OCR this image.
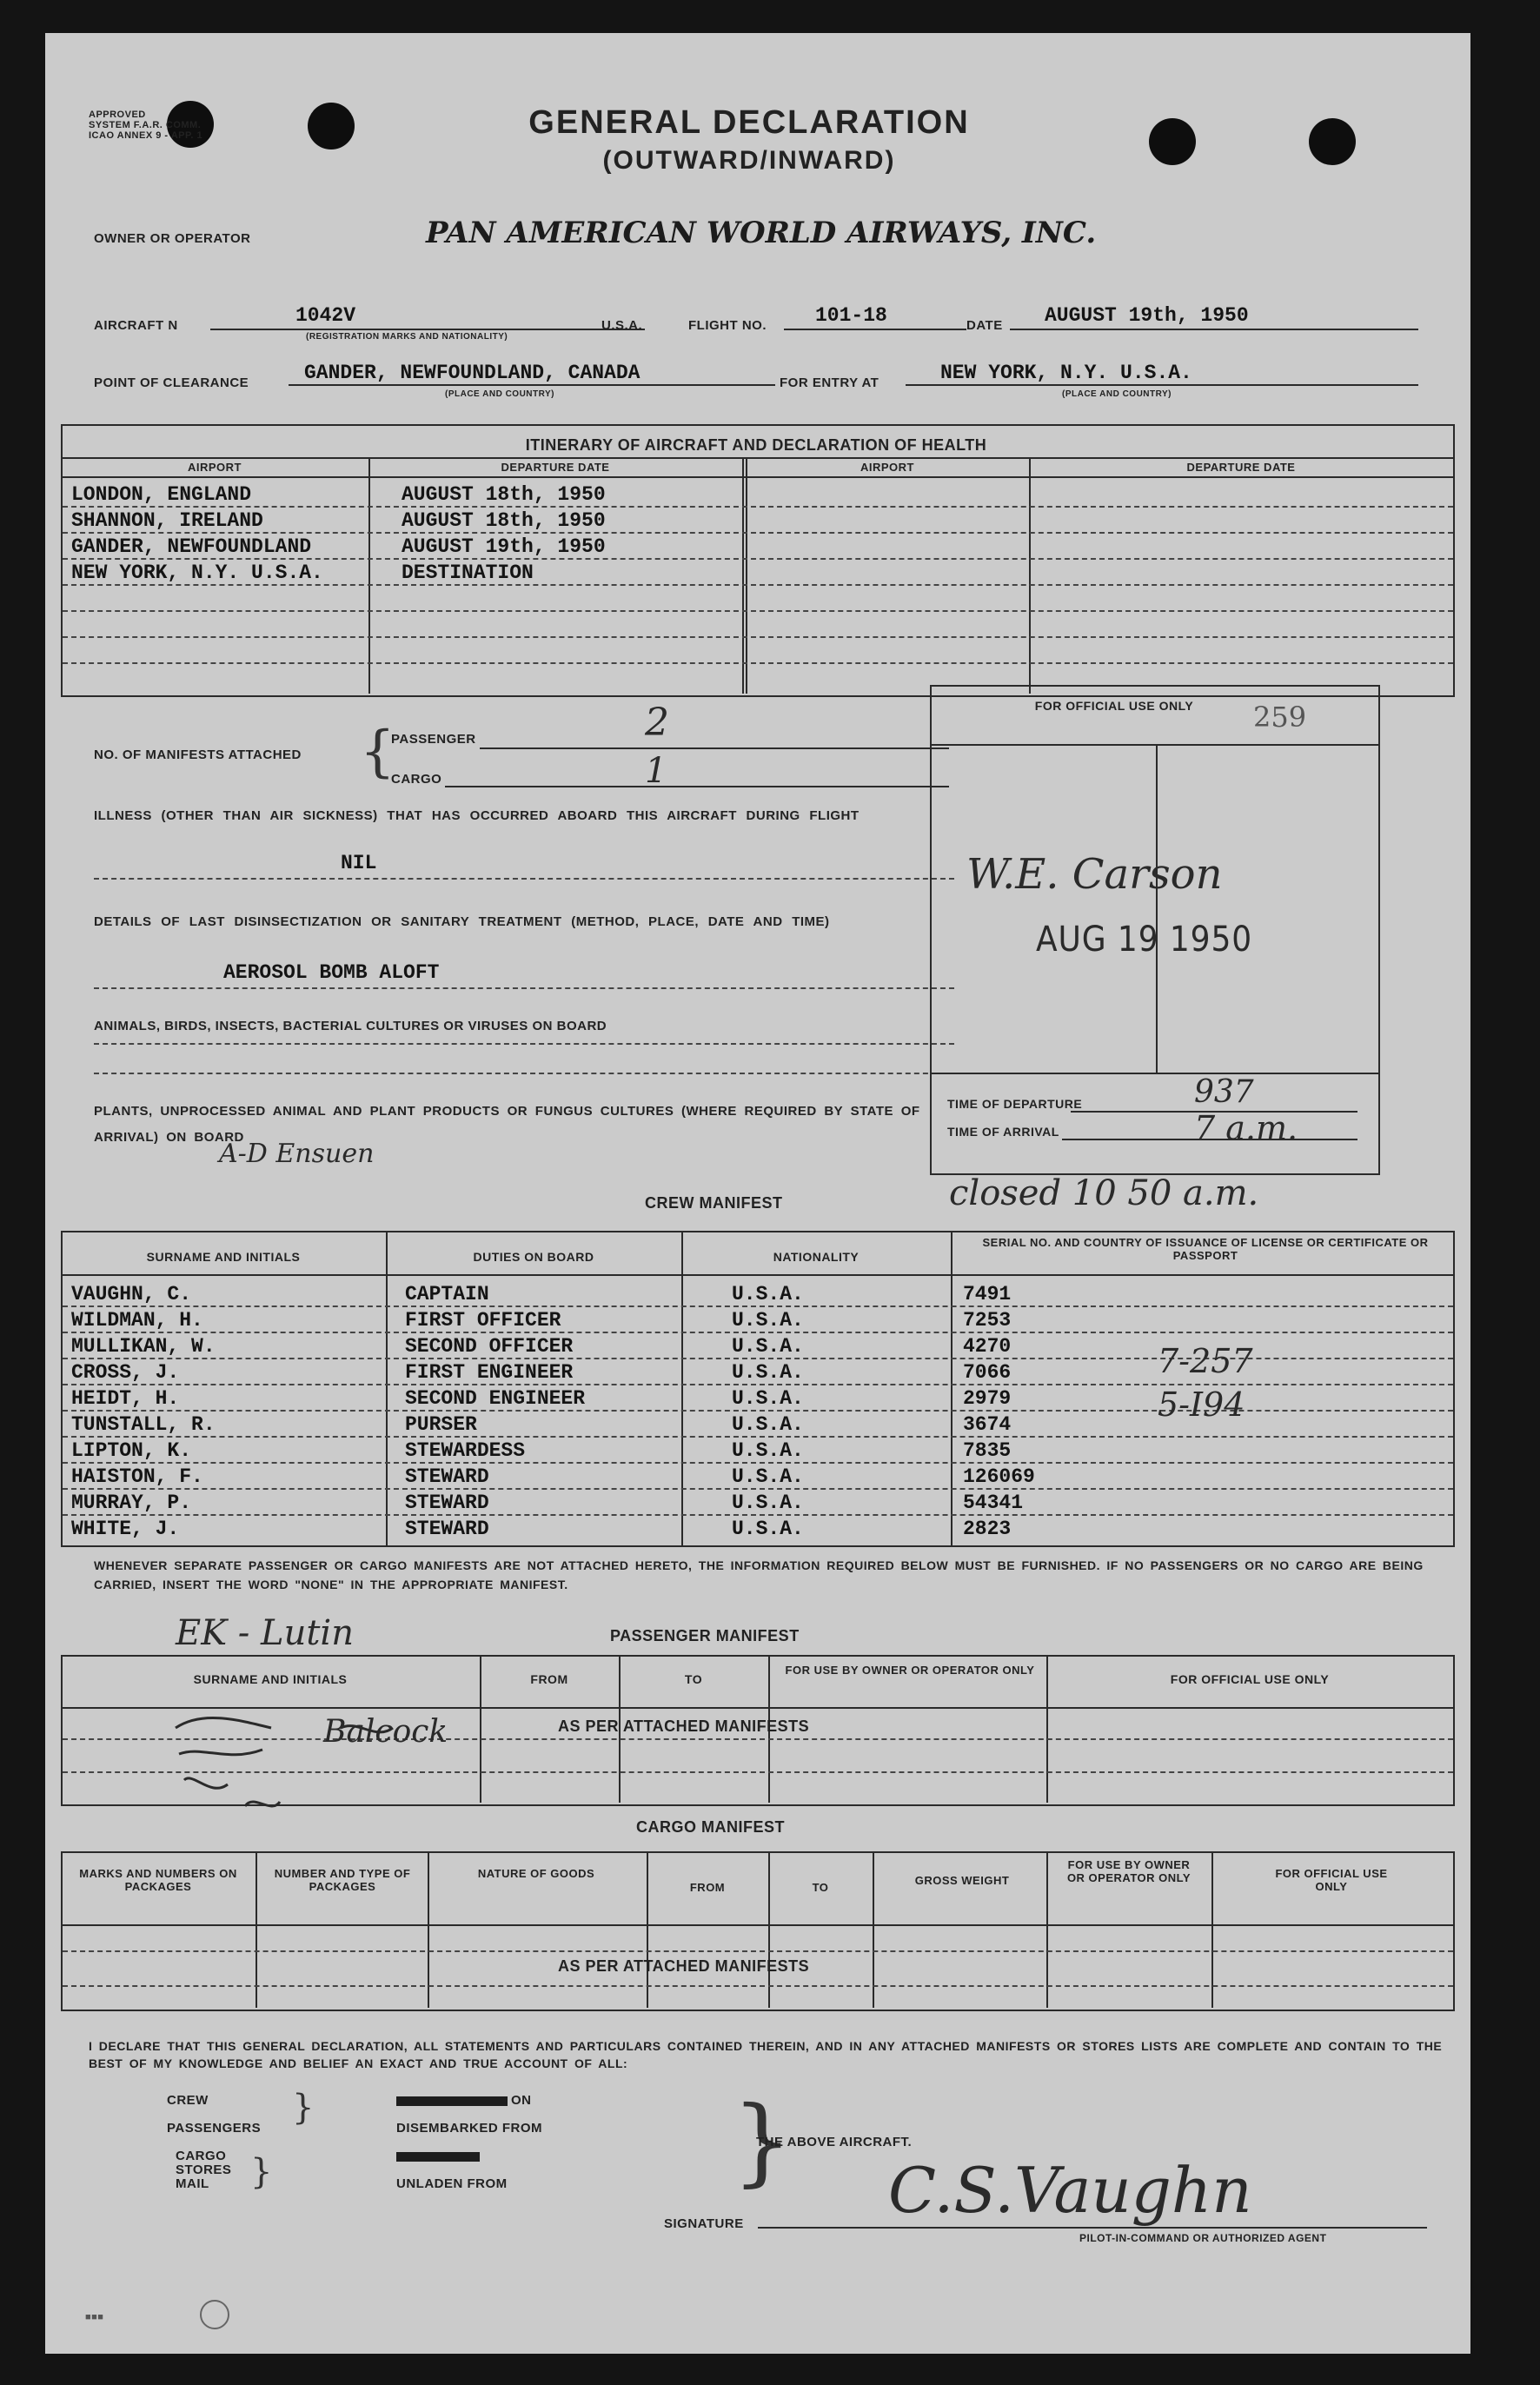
APPROVED
SYSTEM F.A.R. COMM.
ICAO ANNEX 9 - APP. 1	GENERAL DECLARATION
(OUTWARD/INWARD)
OWNER OR OPERATOR	PAN AMERICAN WORLD AIRWAYS, INC.
AIRCRAFT N	1042V
(REGISTRATION MARKS AND NATIONALITY)
U.S.A.	FLIGHT NO. 101-18	DATE AUGUST 19th, 1950
POINT OF CLEARANCE	GANDER, NEWFOUNDLAND, CANADA
(PLACE AND COUNTRY)
FOR ENTRY AT	NEW YORK, N.Y. U.S.A.
(PLACE AND COUNTRY)
ITINERARY OF AIRCRAFT AND DECLARATION OF HEALTH
AIRPORT	DEPARTURE DATE	AIRPORT	DEPARTURE DATE
LONDON, ENGLAND	AUGUST 18th, 1950
SHANNON, IRELAND	AUGUST 18th, 1950
GANDER, NEWFOUNDLAND	AUGUST 19th, 1950
NEW YORK, N.Y. U.S.A.	DESTINATION
NO. OF MANIFESTS ATTACHED {
PASSENGER	2
CARGO	1
ILLNESS (OTHER THAN AIR SICKNESS) THAT HAS OCCURRED ABOARD THIS AIRCRAFT DURING FLIGHT
NIL
DETAILS OF LAST DISINSECTIZATION OR SANITARY TREATMENT (METHOD, PLACE, DATE AND TIME)
AEROSOL BOMB ALOFT
ANIMALS, BIRDS, INSECTS, BACTERIAL CULTURES OR VIRUSES ON BOARD
PLANTS, UNPROCESSED ANIMAL AND PLANT PRODUCTS OR FUNGUS CULTURES (WHERE REQUIRED BY STATE OF ARRIVAL) ON BOARD
A-D Ensuen
FOR OFFICIAL USE ONLY	259
W.E. Carson
AUG 19 1950
TIME OF DEPARTURE	937
TIME OF ARRIVAL	7 a.m.
CREW MANIFEST	closed 10 50 a.m.
SURNAME AND INITIALS	DUTIES ON BOARD	NATIONALITY
SERIAL NO. AND COUNTRY OF ISSUANCE OF LICENSE OR CERTIFICATE OR PASSPORT
VAUGHN, C.	CAPTAIN	U.S.A.	7491
WILDMAN, H.	FIRST OFFICER	U.S.A.	7253
MULLIKAN, W.	SECOND OFFICER	U.S.A.	4270
CROSS, J.	FIRST ENGINEER	U.S.A.	7066
HEIDT, H.	SECOND ENGINEER	U.S.A.	2979
TUNSTALL, R.	PURSER	U.S.A.	3674
LIPTON, K.	STEWARDESS	U.S.A.	7835
HAISTON, F.	STEWARD	U.S.A.	126069
MURRAY, P.	STEWARD	U.S.A.	54341
WHITE, J.	STEWARD	U.S.A.	2823
7-257
5-I94
WHENEVER SEPARATE PASSENGER OR CARGO MANIFESTS ARE NOT ATTACHED HERETO, THE INFORMATION REQUIRED BELOW MUST BE FURNISHED. IF NO PASSENGERS OR NO CARGO ARE BEING CARRIED, INSERT THE WORD "NONE" IN THE APPROPRIATE MANIFEST.
EK - Lutin	PASSENGER MANIFEST
SURNAME AND INITIALS	FROM	TO
FOR USE BY OWNER OR OPERATOR ONLY
FOR OFFICIAL USE ONLY
AS PER ATTACHED MANIFESTS
Balcock
CARGO MANIFEST
MARKS AND NUMBERS ON PACKAGES
NUMBER AND TYPE OF PACKAGES
NATURE OF GOODS
FROM	TO
GROSS WEIGHT
FOR USE BY OWNER OR OPERATOR ONLY	FOR OFFICIAL USE ONLY
AS PER ATTACHED MANIFESTS
I DECLARE THAT THIS GENERAL DECLARATION, ALL STATEMENTS AND PARTICULARS CONTAINED THEREIN, AND IN ANY ATTACHED MANIFESTS OR STORES LISTS ARE COMPLETE AND CONTAIN TO THE BEST OF MY KNOWLEDGE AND BELIEF AN EXACT AND TRUE ACCOUNT OF ALL:
CREW
PASSENGERS
}
CARGO
STORES
MAIL }
ON
DISEMBARKED FROM
UNLADEN FROM }
THE ABOVE AIRCRAFT.
SIGNATURE C.S.Vaughn
PILOT-IN-COMMAND OR AUTHORIZED AGENT
■■■
